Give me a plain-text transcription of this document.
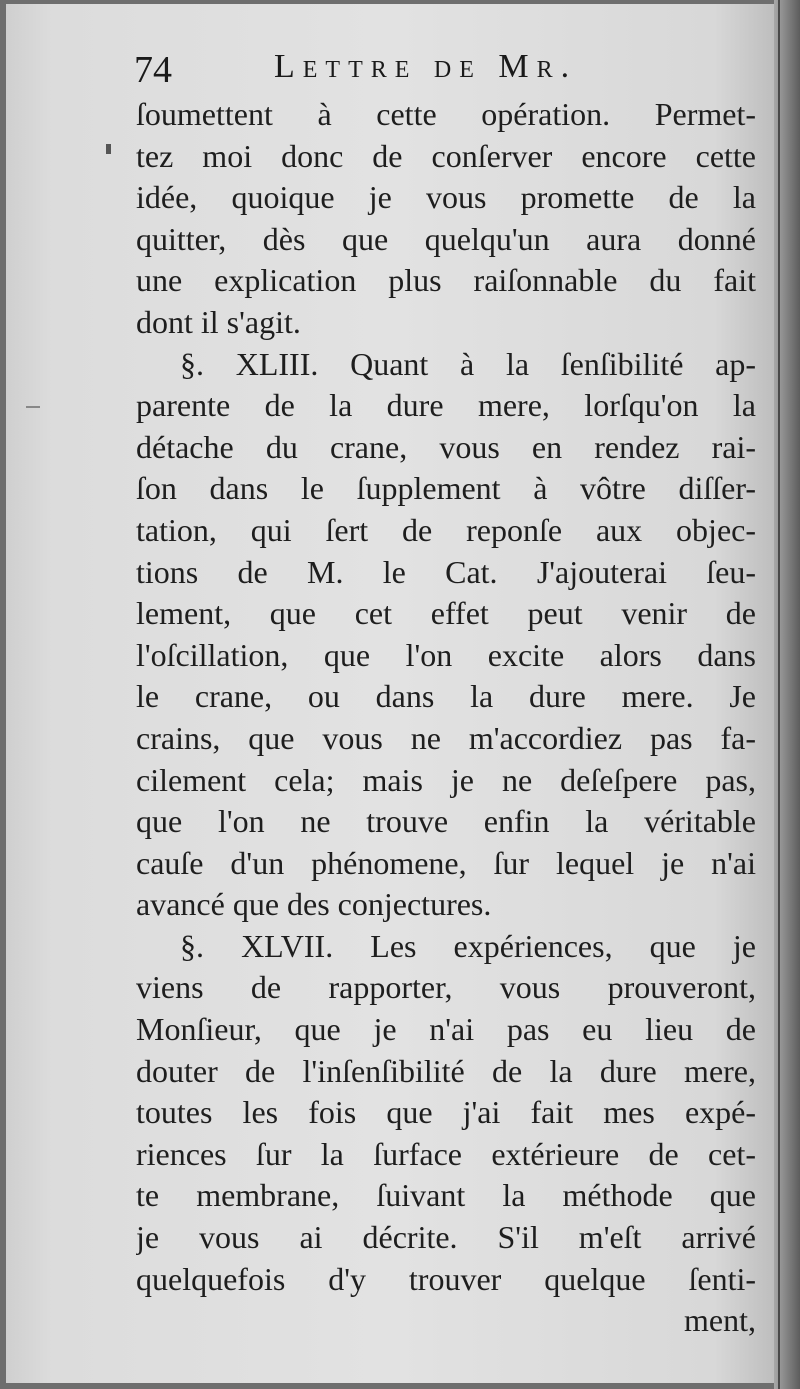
74	Lettre de Mr.
ſoumettent à cette opération. Permet-
tez moi donc de conſerver encore cette
idée, quoique je vous promette de la
quitter, dès que quelqu'un aura donné
une explication plus raiſonnable du fait
dont il s'agit.
§. XLIII. Quant à la ſenſibilité ap-
parente de la dure mere, lorſqu'on la
détache du crane, vous en rendez rai-
ſon dans le ſupplement à vôtre diſſer-
tation, qui ſert de reponſe aux objec-
tions de M. le Cat. J'ajouterai ſeu-
lement, que cet effet peut venir de
l'oſcillation, que l'on excite alors dans
le crane, ou dans la dure mere. Je
crains, que vous ne m'accordiez pas fa-
cilement cela; mais je ne deſeſpere pas,
que l'on ne trouve enfin la véritable
cauſe d'un phénomene, ſur lequel je n'ai
avancé que des conjectures.
§. XLVII. Les expériences, que je
viens de rapporter, vous prouveront,
Monſieur, que je n'ai pas eu lieu de
douter de l'inſenſibilité de la dure mere,
toutes les fois que j'ai fait mes expé-
riences ſur la ſurface extérieure de cet-
te membrane, ſuivant la méthode que
je vous ai décrite. S'il m'eſt arrivé
quelquefois d'y trouver quelque ſenti-
ment,
